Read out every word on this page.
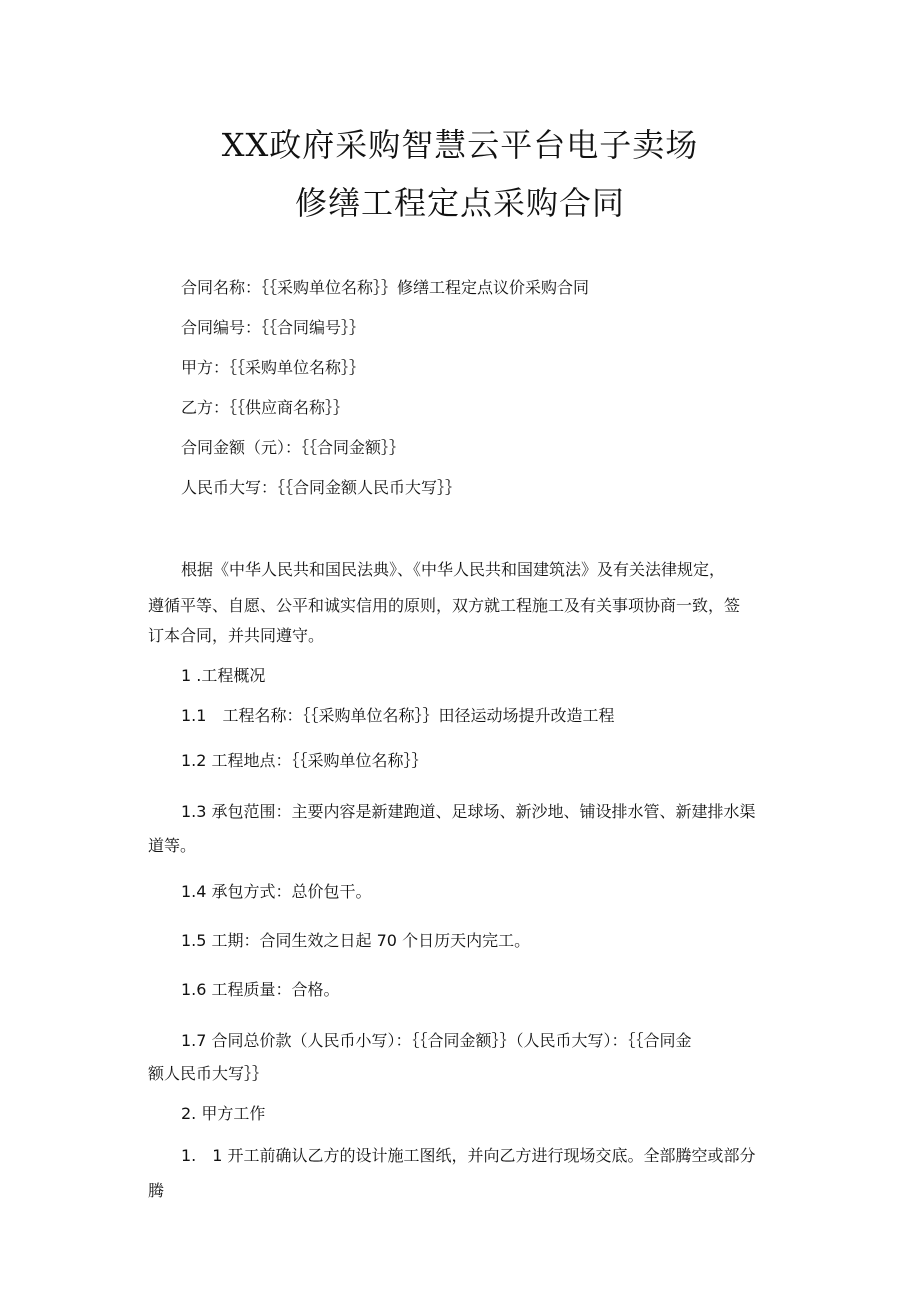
XX政府采购智慧云平台电子卖场
修缮工程定点采购合同
合同名称：｛｛采购单位名称｝｝修缮工程定点议价采购合同
合同编号：｛｛合同编号｝｝
甲方：｛｛采购单位名称｝｝
乙方：｛｛供应商名称｝｝
合同金额（元）：｛｛合同金额｝｝
人民币大写：｛｛合同金额人民币大写｝｝
根据《中华人民共和国民法典》、《中华人民共和国建筑法》及有关法律规定，
遵循平等、自愿、公平和诚实信用的原则，双方就工程施工及有关事项协商一致，签
订本合同，并共同遵守。
1 .工程概况
1.1　工程名称：｛｛采购单位名称｝｝田径运动场提升改造工程
1.2 工程地点：｛｛采购单位名称｝｝
1.3 承包范围：主要内容是新建跑道、足球场、新沙地、铺设排水管、新建排水渠
道等。
1.4 承包方式：总价包干。
1.5 工期：合同生效之日起 70 个日历天内完工。
1.6 工程质量：合格。
1.7 合同总价款（人民币小写）：｛｛合同金额｝｝（人民币大写）：｛｛合同金
额人民币大写｝｝
2. 甲方工作
1.　1 开工前确认乙方的设计施工图纸，并向乙方进行现场交底。全部腾空或部分
腾
